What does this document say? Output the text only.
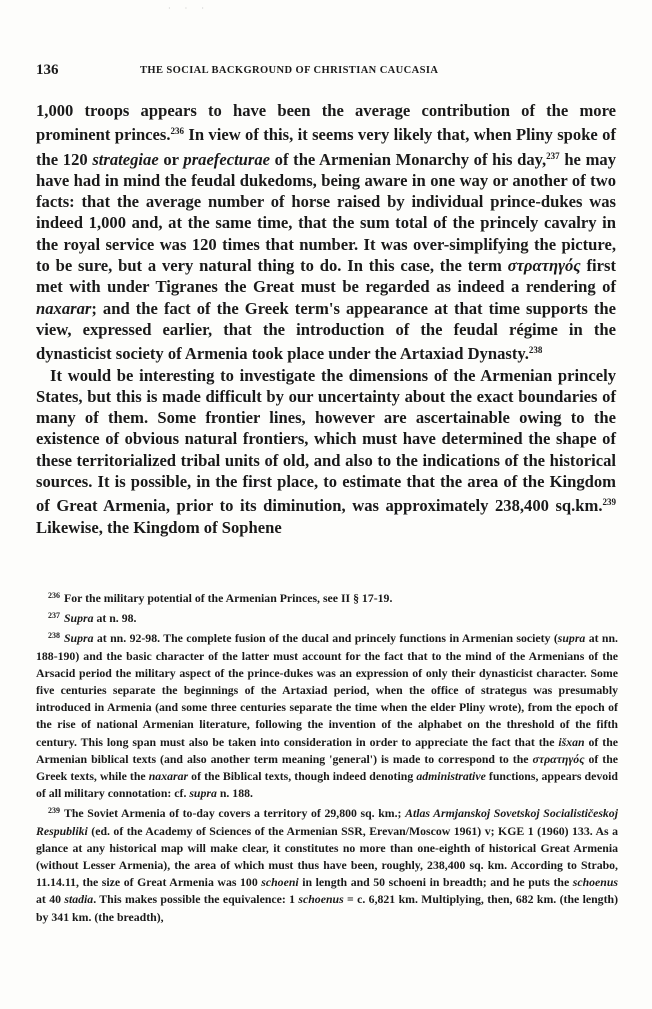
· · ·
136	THE SOCIAL BACKGROUND OF CHRISTIAN CAUCASIA

1,000 troops appears to have been the average contribution of the more prominent princes.$^{236}$ In view of this, it seems very likely that, when Pliny spoke of the 120 strategiae or praefecturae of the Armenian Monarchy of his day,$^{237}$ he may have had in mind the feudal dukedoms, being aware in one way or another of two facts: that the average number of horse raised by individual prince-dukes was indeed 1,000 and, at the same time, that the sum total of the princely cavalry in the royal service was 120 times that number. It was over-simplifying the picture, to be sure, but a very natural thing to do. In this case, the term στρατηγός first met with under Tigranes the Great must be regarded as indeed a rendering of naxarar; and the fact of the Greek term's appearance at that time supports the view, expressed earlier, that the introduction of the feudal régime in the dynasticist society of Armenia took place under the Artaxiad Dynasty.$^{238}$

It would be interesting to investigate the dimensions of the Armenian princely States, but this is made difficult by our uncertainty about the exact boundaries of many of them. Some frontier lines, however are ascertainable owing to the existence of obvious natural frontiers, which must have determined the shape of these territorialized tribal units of old, and also to the indications of the historical sources. It is possible, in the first place, to estimate that the area of the Kingdom of Great Armenia, prior to its diminution, was approximately 238,400 sq.km.$^{239}$ Likewise, the Kingdom of Sophene

$^{236}$ For the military potential of the Armenian Princes, see II § 17-19.

$^{237}$ Supra at n. 98.

$^{238}$ Supra at nn. 92-98. The complete fusion of the ducal and princely functions in Armenian society (supra at nn. 188-190) and the basic character of the latter must account for the fact that to the mind of the Armenians of the Arsacid period the military aspect of the prince-dukes was an expression of only their dynasticist character. Some five centuries separate the beginnings of the Artaxiad period, when the office of strategus was presumably introduced in Armenia (and some three centuries separate the time when the elder Pliny wrote), from the epoch of the rise of national Armenian literature, following the invention of the alphabet on the threshold of the fifth century. This long span must also be taken into consideration in order to appreciate the fact that the išxan of the Armenian biblical texts (and also another term meaning 'general') is made to correspond to the στρατηγός of the Greek texts, while the naxarar of the Biblical texts, though indeed denoting administrative functions, appears devoid of all military connotation: cf. supra n. 188.

$^{239}$ The Soviet Armenia of to-day covers a territory of 29,800 sq. km.; Atlas Armjanskoj Sovetskoj Socialističeskoj Respubliki (ed. of the Academy of Sciences of the Armenian SSR, Erevan/Moscow 1961) v; KGE 1 (1960) 133. As a glance at any historical map will make clear, it constitutes no more than one-eighth of historical Great Armenia (without Lesser Armenia), the area of which must thus have been, roughly, 238,400 sq. km. According to Strabo, 11.14.11, the size of Great Armenia was 100 schoeni in length and 50 schoeni in breadth; and he puts the schoenus at 40 stadia. This makes possible the equivalence: 1 schoenus = c. 6,821 km. Multiplying, then, 682 km. (the length) by 341 km. (the breadth),
